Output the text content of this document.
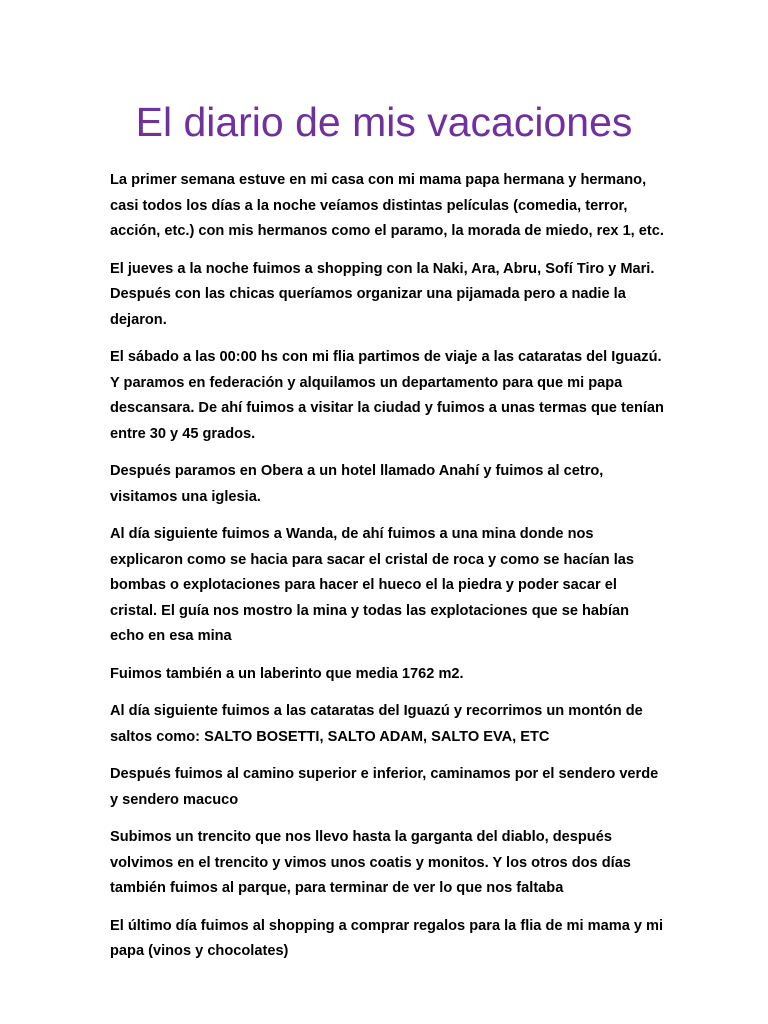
El diario de mis vacaciones

La primer semana estuve en mi casa con mi mama papa hermana y hermano, casi todos los días a la noche veíamos distintas películas (comedia, terror, acción, etc.) con mis hermanos como el paramo, la morada de miedo, rex 1, etc.

El jueves a la noche fuimos a shopping con la Naki, Ara, Abru, Sofí Tiro y Mari. Después con las chicas queríamos organizar una pijamada pero a nadie la dejaron.

El sábado a las 00:00 hs con mi flia partimos de viaje a las cataratas del Iguazú. Y paramos en federación y alquilamos un departamento para que mi papa descansara. De ahí fuimos a visitar la ciudad y fuimos a unas termas que tenían entre 30 y 45 grados.

Después paramos en Obera a un hotel llamado Anahí y fuimos al cetro, visitamos una iglesia.

Al día siguiente fuimos a Wanda, de ahí fuimos a una mina donde nos explicaron como se hacia para sacar el cristal de roca y como se hacían las bombas o explotaciones para hacer el hueco el la piedra y poder sacar el cristal. El guía nos mostro la mina y todas las explotaciones que se habían echo en esa mina

Fuimos también a un laberinto que media 1762 m2.

Al día siguiente fuimos a las cataratas del Iguazú y recorrimos un montón de saltos como: SALTO BOSETTI, SALTO ADAM, SALTO EVA, ETC

Después fuimos al camino superior e inferior, caminamos por el sendero verde y sendero macuco

Subimos un trencito que nos llevo hasta la garganta del diablo, después volvimos en el trencito y vimos unos coatis y monitos. Y los otros dos días también fuimos al parque, para terminar de ver lo que nos faltaba

El último día fuimos al shopping a comprar regalos para la flia de mi mama y mi papa (vinos y chocolates)
